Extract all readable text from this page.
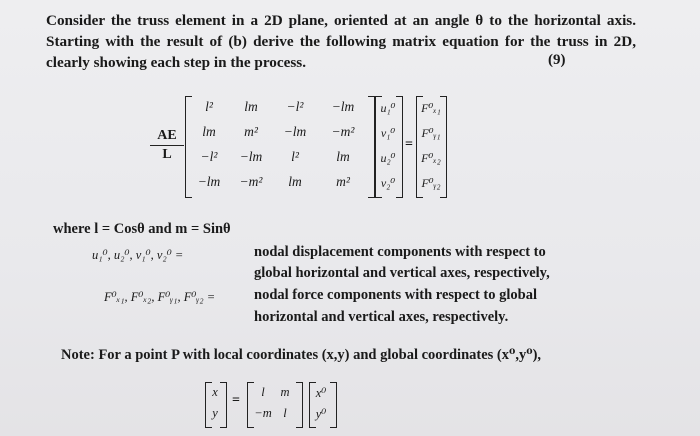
Consider the truss element in a 2D plane, oriented at an angle θ to the horizontal axis. Starting with the result of (b) derive the following matrix equation for the truss in 2D, clearly showing each step in the process.	(9)
$\frac{AE}{L}$
l²	lm	−l²	−lm
lm	m²	−lm	−m²
−l²	−lm	l²	lm
−lm	−m²	lm	m²
u₁⁰
v₁⁰
u₂⁰
v₂⁰
=
F⁰ₓ₁
F⁰ᵧ₁
F⁰ₓ₂
F⁰ᵧ₂
where l = Cosθ and m = Sinθ
u₁⁰, u₂⁰, v₁⁰, v₂⁰ =	nodal displacement components with respect to
global horizontal and vertical axes, respectively,
F⁰ₓ₁, F⁰ₓ₂, F⁰ᵧ₁, F⁰ᵧ₂ =	nodal force components with respect to global
horizontal and vertical axes, respectively.
Note: For a point P with local coordinates (x,y) and global coordinates (x⁰,y⁰),
x
y
=
l	m
−m l
x⁰
y⁰
